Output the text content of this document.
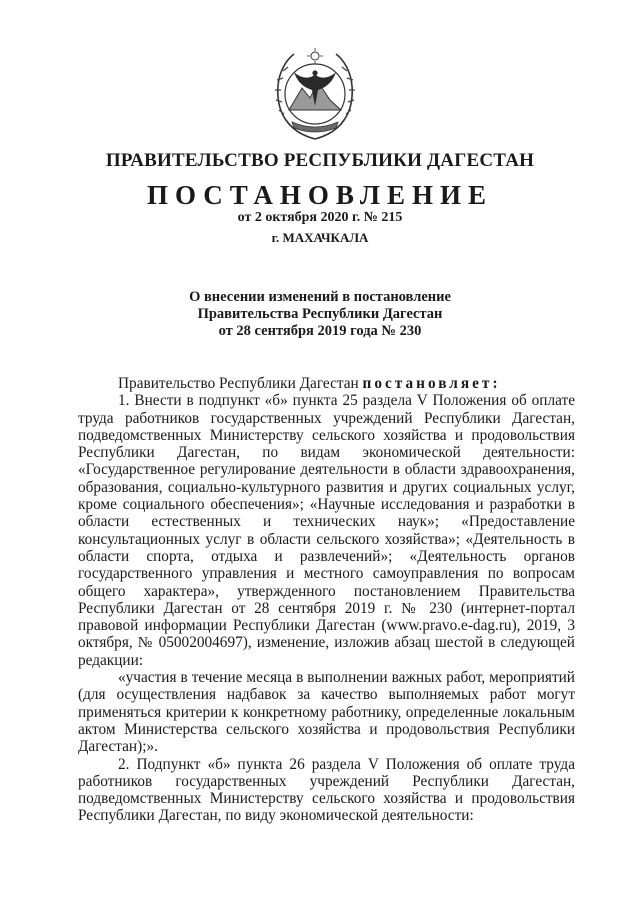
ПРАВИТЕЛЬСТВО РЕСПУБЛИКИ ДАГЕСТАН
ПОСТАНОВЛЕНИЕ
от 2 октября 2020 г. № 215
г. МАХАЧКАЛА
О внесении изменений в постановление
Правительства Республики Дагестан
от 28 сентября 2019 года № 230

Правительство Республики Дагестан постановляет:

1. Внести в подпункт «б» пункта 25 раздела V Положения об оплате труда работников государственных учреждений Республики Дагестан, подведомственных Министерству сельского хозяйства и продовольствия Республики Дагестан, по видам экономической деятельности: «Государственное регулирование деятельности в области здравоохранения, образования, социально-культурного развития и других социальных услуг, кроме социального обеспечения»; «Научные исследования и разработки в области естественных и технических наук»; «Предоставление консультационных услуг в области сельского хозяйства»; «Деятельность в области спорта, отдыха и развлечений»; «Деятельность органов государственного управления и местного самоуправления по вопросам общего характера», утвержденного постановлением Правительства Республики Дагестан от 28 сентября 2019 г. № 230 (интернет-портал правовой информации Республики Дагестан (www.pravo.e-dag.ru), 2019, 3 октября, № 05002004697), изменение, изложив абзац шестой в следующей редакции:

«участия в течение месяца в выполнении важных работ, мероприятий (для осуществления надбавок за качество выполняемых работ могут применяться критерии к конкретному работнику, определенные локальным актом Министерства сельского хозяйства и продовольствия Республики Дагестан);».

2. Подпункт «б» пункта 26 раздела V Положения об оплате труда работников государственных учреждений Республики Дагестан, подведомственных Министерству сельского хозяйства и продовольствия Республики Дагестан, по виду экономической деятельности:
